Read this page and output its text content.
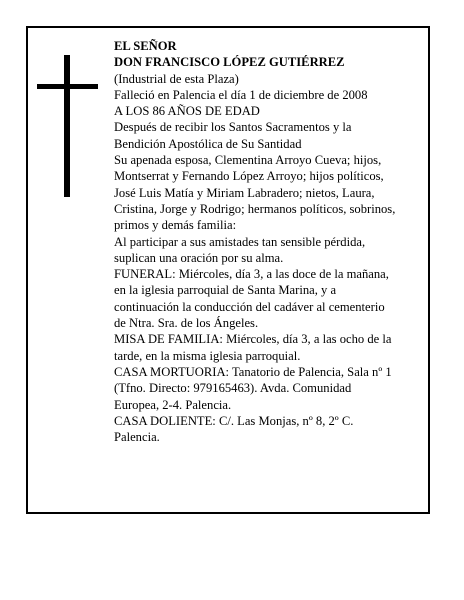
EL SEÑOR
DON FRANCISCO LÓPEZ GUTIÉRREZ
(Industrial de esta Plaza)
Falleció en Palencia el día 1 de diciembre de 2008
A LOS 86 AÑOS DE EDAD
Después de recibir los Santos Sacramentos y la
Bendición Apostólica de Su Santidad
Su apenada esposa, Clementina Arroyo Cueva; hijos,
Montserrat y Fernando López Arroyo; hijos políticos,
José Luis Matía y Miriam Labradero; nietos, Laura,
Cristina, Jorge y Rodrigo; hermanos políticos, sobrinos,
primos y demás familia:
Al participar a sus amistades tan sensible pérdida,
suplican una oración por su alma.
FUNERAL: Miércoles, día 3, a las doce de la mañana,
en la iglesia parroquial de Santa Marina, y a
continuación la conducción del cadáver al cementerio
de Ntra. Sra. de los Ángeles.
MISA DE FAMILIA: Miércoles, día 3, a las ocho de la
tarde, en la misma iglesia parroquial.
CASA MORTUORIA: Tanatorio de Palencia, Sala nº 1
(Tfno. Directo: 979165463). Avda. Comunidad
Europea, 2-4. Palencia.
CASA DOLIENTE: C/. Las Monjas, nº 8, 2º C.
Palencia.
